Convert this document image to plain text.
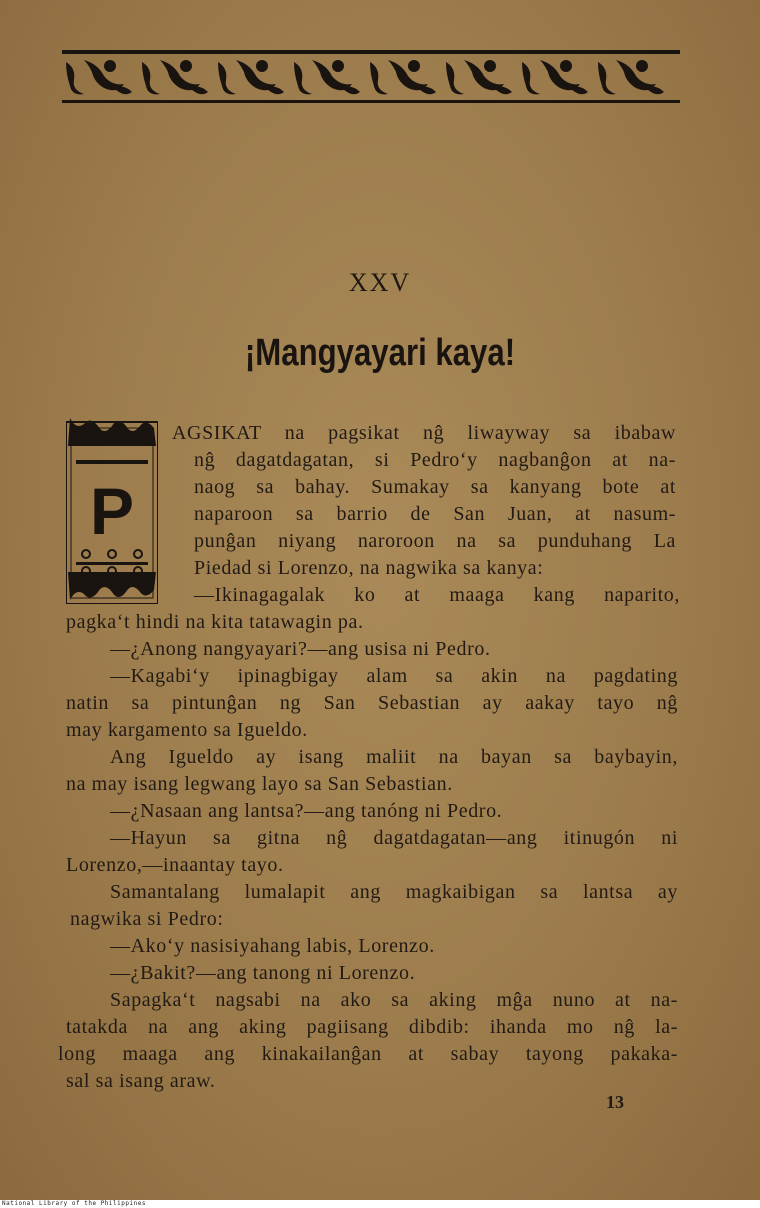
XXV
¡Mangyayari kaya!
P
AGSIKAT na pagsikat nĝ liwayway sa ibabaw
nĝ dagatdagatan, si Pedro‘y nagbanĝon at na-
naog sa bahay. Sumakay sa kanyang bote at
naparoon sa barrio de San Juan, at nasum-
punĝan niyang naroroon na sa punduhang La
Piedad si Lorenzo, na nagwika sa kanya:
—Ikinagagalak ko at maaga kang naparito,
pagka‘t hindi na kita tatawagin pa.
—¿Anong nangyayari?—ang usisa ni Pedro.
—Kagabi‘y ipinagbigay alam sa akin na pagdating
natin sa pintunĝan ng San Sebastian ay aakay tayo nĝ
may kargamento sa Igueldo.
Ang Igueldo ay isang maliit na bayan sa baybayin,
na may isang legwang layo sa San Sebastian.
—¿Nasaan ang lantsa?—ang tanóng ni Pedro.
—Hayun sa gitna nĝ dagatdagatan—ang itinugón ni
Lorenzo,—inaantay tayo.
Samantalang lumalapit ang magkaibigan sa lantsa ay
nagwika si Pedro:
—Ako‘y nasisiyahang labis, Lorenzo.
—¿Bakit?—ang tanong ni Lorenzo.
Sapagka‘t nagsabi na ako sa aking mĝa nuno at na-
tatakda na ang aking pagiisang dibdib: ihanda mo nĝ la-
long maaga ang kinakailanĝan at sabay tayong pakaka-
sal sa isang araw.
13
National Library of the Philippines
